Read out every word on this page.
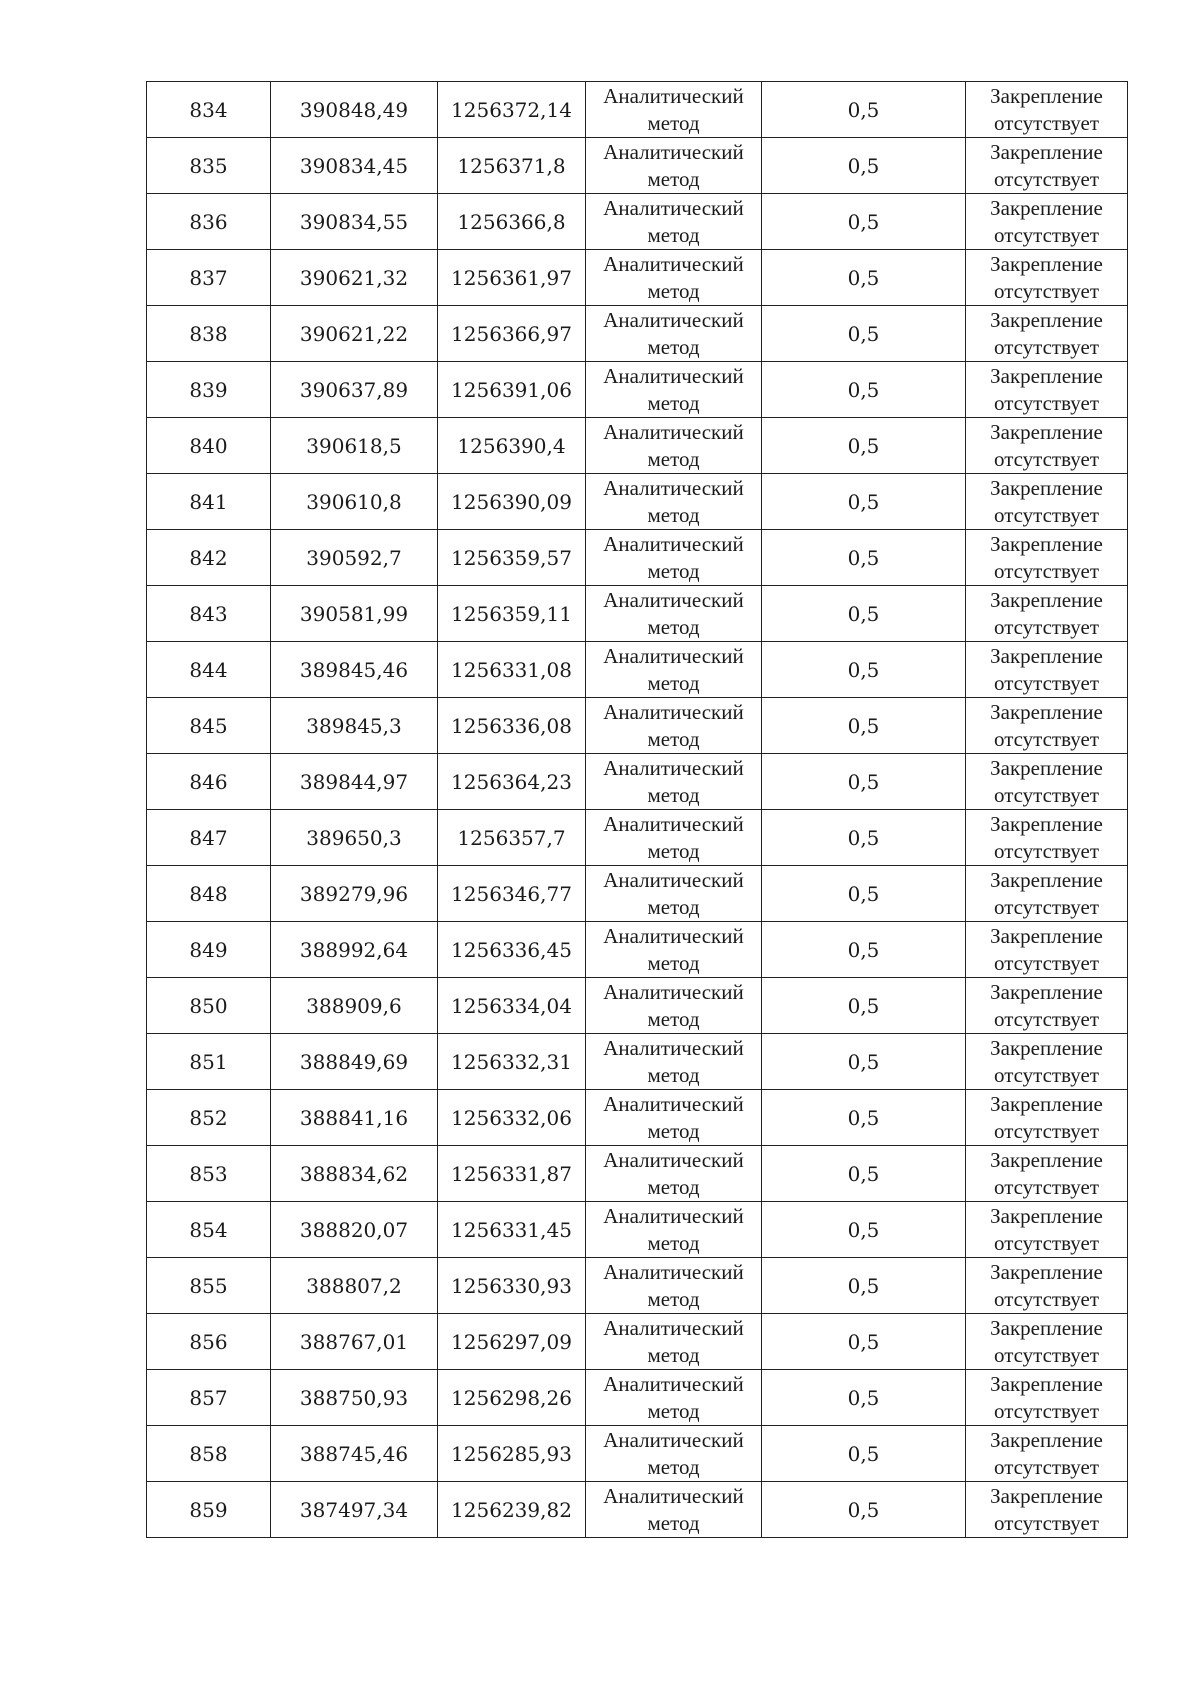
834	390848,49	1256372,14	Аналитический метод	0,5	Закрепление отсутствует
835	390834,45	1256371,8	Аналитический метод	0,5	Закрепление отсутствует
836	390834,55	1256366,8	Аналитический метод	0,5	Закрепление отсутствует
837	390621,32	1256361,97	Аналитический метод	0,5	Закрепление отсутствует
838	390621,22	1256366,97	Аналитический метод	0,5	Закрепление отсутствует
839	390637,89	1256391,06	Аналитический метод	0,5	Закрепление отсутствует
840	390618,5	1256390,4	Аналитический метод	0,5	Закрепление отсутствует
841	390610,8	1256390,09	Аналитический метод	0,5	Закрепление отсутствует
842	390592,7	1256359,57	Аналитический метод	0,5	Закрепление отсутствует
843	390581,99	1256359,11	Аналитический метод	0,5	Закрепление отсутствует
844	389845,46	1256331,08	Аналитический метод	0,5	Закрепление отсутствует
845	389845,3	1256336,08	Аналитический метод	0,5	Закрепление отсутствует
846	389844,97	1256364,23	Аналитический метод	0,5	Закрепление отсутствует
847	389650,3	1256357,7	Аналитический метод	0,5	Закрепление отсутствует
848	389279,96	1256346,77	Аналитический метод	0,5	Закрепление отсутствует
849	388992,64	1256336,45	Аналитический метод	0,5	Закрепление отсутствует
850	388909,6	1256334,04	Аналитический метод	0,5	Закрепление отсутствует
851	388849,69	1256332,31	Аналитический метод	0,5	Закрепление отсутствует
852	388841,16	1256332,06	Аналитический метод	0,5	Закрепление отсутствует
853	388834,62	1256331,87	Аналитический метод	0,5	Закрепление отсутствует
854	388820,07	1256331,45	Аналитический метод	0,5	Закрепление отсутствует
855	388807,2	1256330,93	Аналитический метод	0,5	Закрепление отсутствует
856	388767,01	1256297,09	Аналитический метод	0,5	Закрепление отсутствует
857	388750,93	1256298,26	Аналитический метод	0,5	Закрепление отсутствует
858	388745,46	1256285,93	Аналитический метод	0,5	Закрепление отсутствует
859	387497,34	1256239,82	Аналитический метод	0,5	Закрепление отсутствует
